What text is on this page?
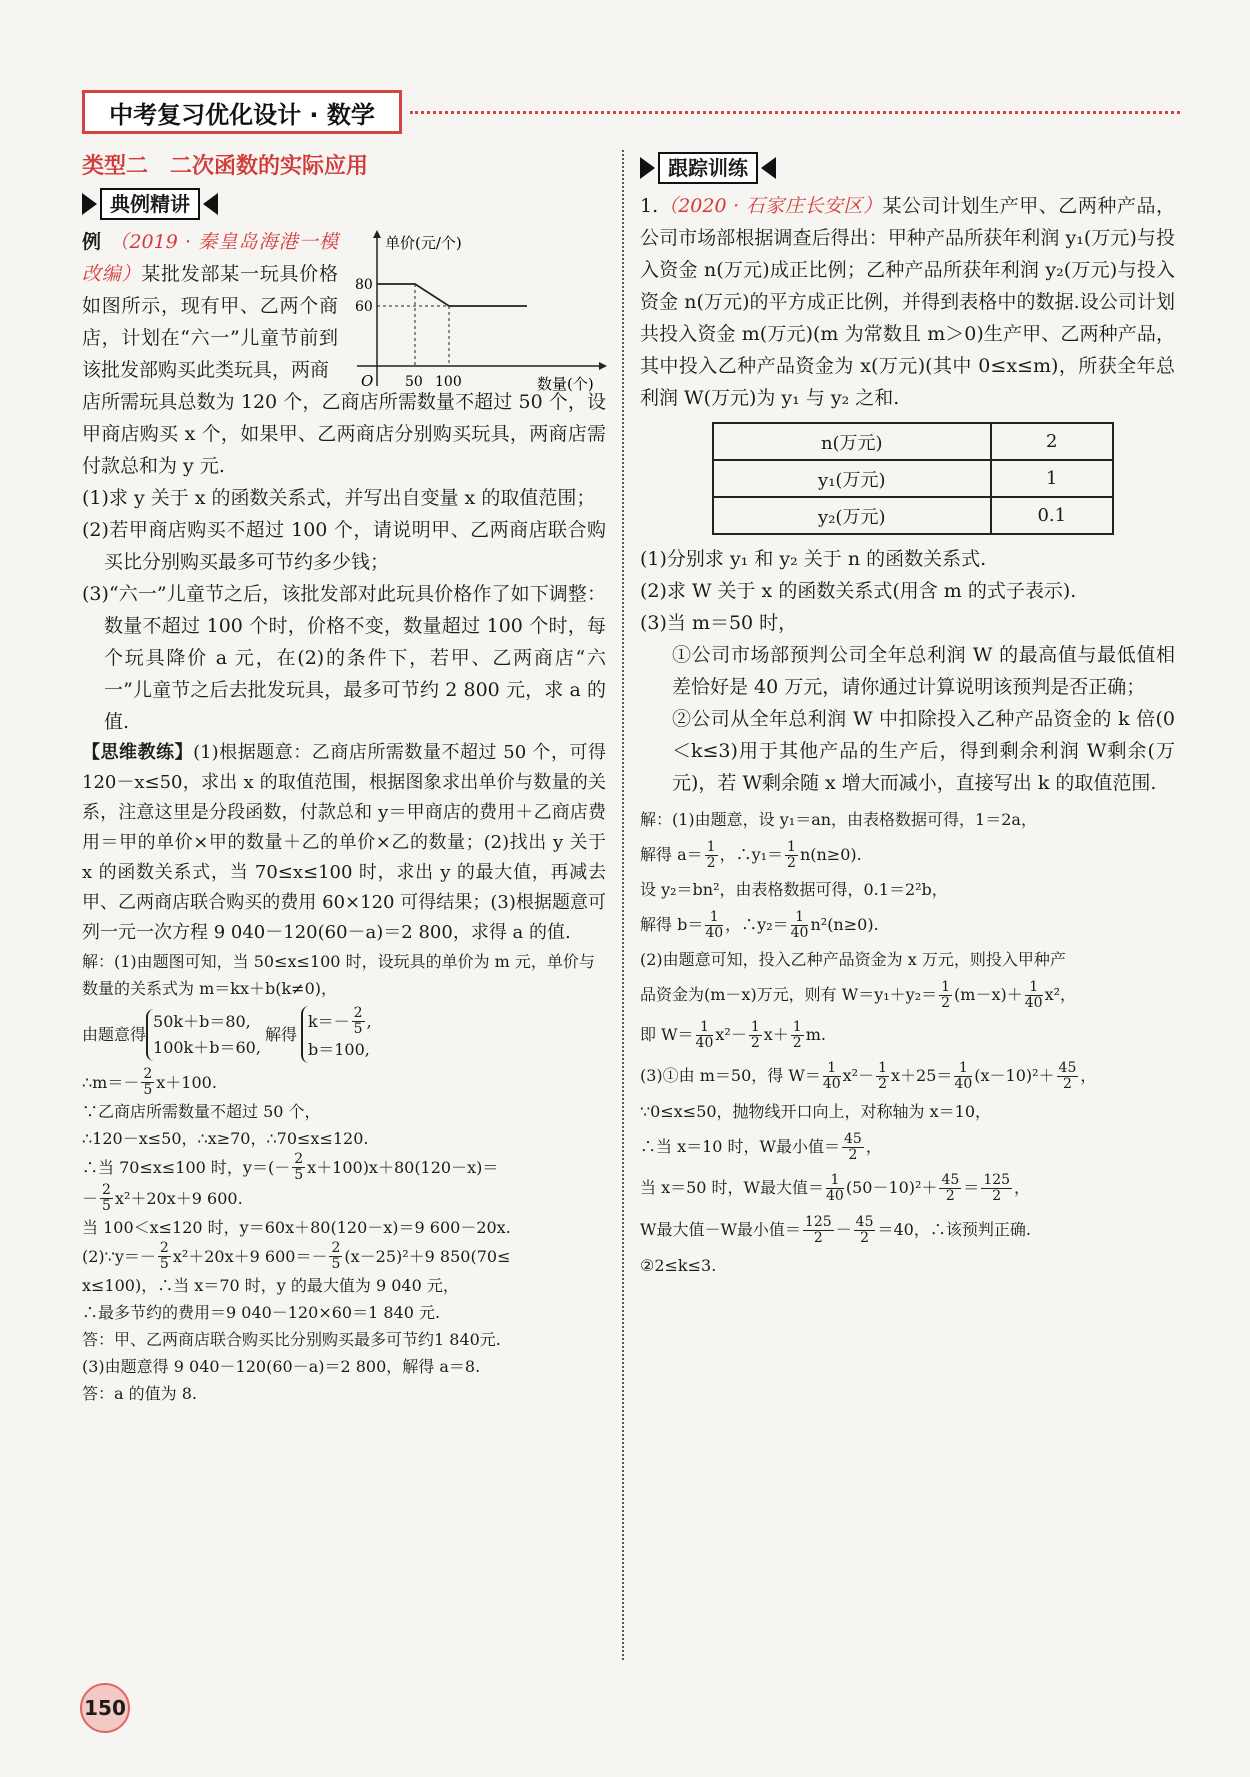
中考复习优化设计 · 数学
类型二　二次函数的实际应用
典例精讲
例 （2019 · 秦皇岛海港一模改编）某批发部某一玩具价格如图所示，现有甲、乙两个商店，计划在“六一”儿童节前到该批发部购买此类玩具，两商
单价(元/个)
数量(个)
O
80
60
50 100
店所需玩具总数为 120 个，乙商店所需数量不超过 50 个，设甲商店购买 x 个，如果甲、乙两商店分别购买玩具，两商店需付款总和为 y 元.
(1)求 y 关于 x 的函数关系式，并写出自变量 x 的取值范围；
(2)若甲商店购买不超过 100 个，请说明甲、乙两商店联合购买比分别购买最多可节约多少钱；
(3)“六一”儿童节之后，该批发部对此玩具价格作了如下调整：数量不超过 100 个时，价格不变，数量超过 100 个时，每个玩具降价 a 元，在(2)的条件下，若甲、乙两商店“六一”儿童节之后去批发玩具，最多可节约 2 800 元，求 a 的值.
【思维教练】(1)根据题意：乙商店所需数量不超过 50 个，可得 120－x≤50，求出 x 的取值范围，根据图象求出单价与数量的关系，注意这里是分段函数，付款总和 y＝甲商店的费用＋乙商店费用＝甲的单价×甲的数量＋乙的单价×乙的数量；(2)找出 y 关于 x 的函数关系式，当 70≤x≤100 时，求出 y 的最大值，再减去甲、乙两商店联合购买的费用 60×120 可得结果；(3)根据题意可列一元一次方程 9 040－120(60－a)＝2 800，求得 a 的值.
解：(1)由题图可知，当 50≤x≤100 时，设玩具的单价为 m 元，单价与数量的关系式为 m＝kx＋b(k≠0)，
由题意得
50k＋b＝80,
100k＋b＝60,
解得
$k=- \frac{2}{5}$ ,
b＝100,
∴m＝－ $\frac{2}{5} x+100$.
∵乙商店所需数量不超过 50 个，
∴120－x≤50，∴x≥70，∴70≤x≤120.
∴当 70≤x≤100 时，$y=(- \frac{2}{5} x+100)x+80(120-x)=$
－ $\frac{2}{5} x^2+20x+9$ 600.
当 100＜x≤120 时，y＝60x＋80(120－x)＝9 600－20x.
(2)∵y＝－ $\frac{2}{5} x^2+20x+9$ $600=- \frac{2}{5} (x-25)^2+9$ 850(70≤
x≤100)，∴当 x＝70 时，y 的最大值为 9 040 元，
∴最多节约的费用＝9 040－120×60＝1 840 元.
答：甲、乙两商店联合购买比分别购买最多可节约1 840元.
(3)由题意得 9 040－120(60－a)＝2 800，解得 a＝8.
答：a 的值为 8.
跟踪训练
1.（2020 · 石家庄长安区）某公司计划生产甲、乙两种产品，公司市场部根据调查后得出：甲种产品所获年利润 y₁(万元)与投入资金 n(万元)成正比例；乙种产品所获年利润 y₂(万元)与投入资金 n(万元)的平方成正比例，并得到表格中的数据.设公司计划共投入资金 m(万元)(m 为常数且 m＞0)生产甲、乙两种产品，其中投入乙种产品资金为 x(万元)(其中 0≤x≤m)，所获全年总利润 W(万元)为 y₁ 与 y₂ 之和.
n(万元)	2
y₁(万元)	1
y₂(万元)	0.1
(1)分别求 y₁ 和 y₂ 关于 n 的函数关系式.
(2)求 W 关于 x 的函数关系式(用含 m 的式子表示).
(3)当 m＝50 时，
①公司市场部预判公司全年总利润 W 的最高值与最低值相差恰好是 40 万元，请你通过计算说明该预判是否正确；
②公司从全年总利润 W 中扣除投入乙种产品资金的 k 倍(0＜k≤3)用于其他产品的生产后，得到剩余利润 W剩余(万元)，若 W剩余随 x 增大而减小，直接写出 k 的取值范围.
解：(1)由题意，设 y₁＝an，由表格数据可得，1＝2a，
解得 $a= \frac{1}{2}$ ，∴y₁＝ $\frac{1}{2} n(n\ge 0)$.
设 y₂＝bn²，由表格数据可得，0.1＝2²b，
解得 $b= \frac{1}{40}$ ，∴y₂＝ $\frac{1}{40} n^2(n\ge 0)$.
(2)由题意可知，投入乙种产品资金为 x 万元，则投入甲种产
品资金为(m－x)万元，则有 $W=y_1+y_2= \frac{1}{2} (m-x)+ \frac{1}{40} x^2$，
即 $W= \frac{1}{40} x^2- \frac{1}{2} x+ \frac{1}{2} m$.
(3)①由 m＝50，得 $W= \frac{1}{40} x^2- \frac{1}{2} x+25= \frac{1}{40} (x-10)^2+ \frac{45}{2}$ ，
∵0≤x≤50，抛物线开口向上，对称轴为 x＝10，
∴当 x＝10 时，W最小值＝ $\frac{45}{2}$ ，
当 x＝50 时，W最大值＝ $\frac{1}{40} (50-10)^2+ \frac{45}{2} = \frac{125}{2}$ ，
W最大值－W最小值＝ $\frac{125}{2} - \frac{45}{2} =40$，∴该预判正确.
②2≤k≤3.
150
